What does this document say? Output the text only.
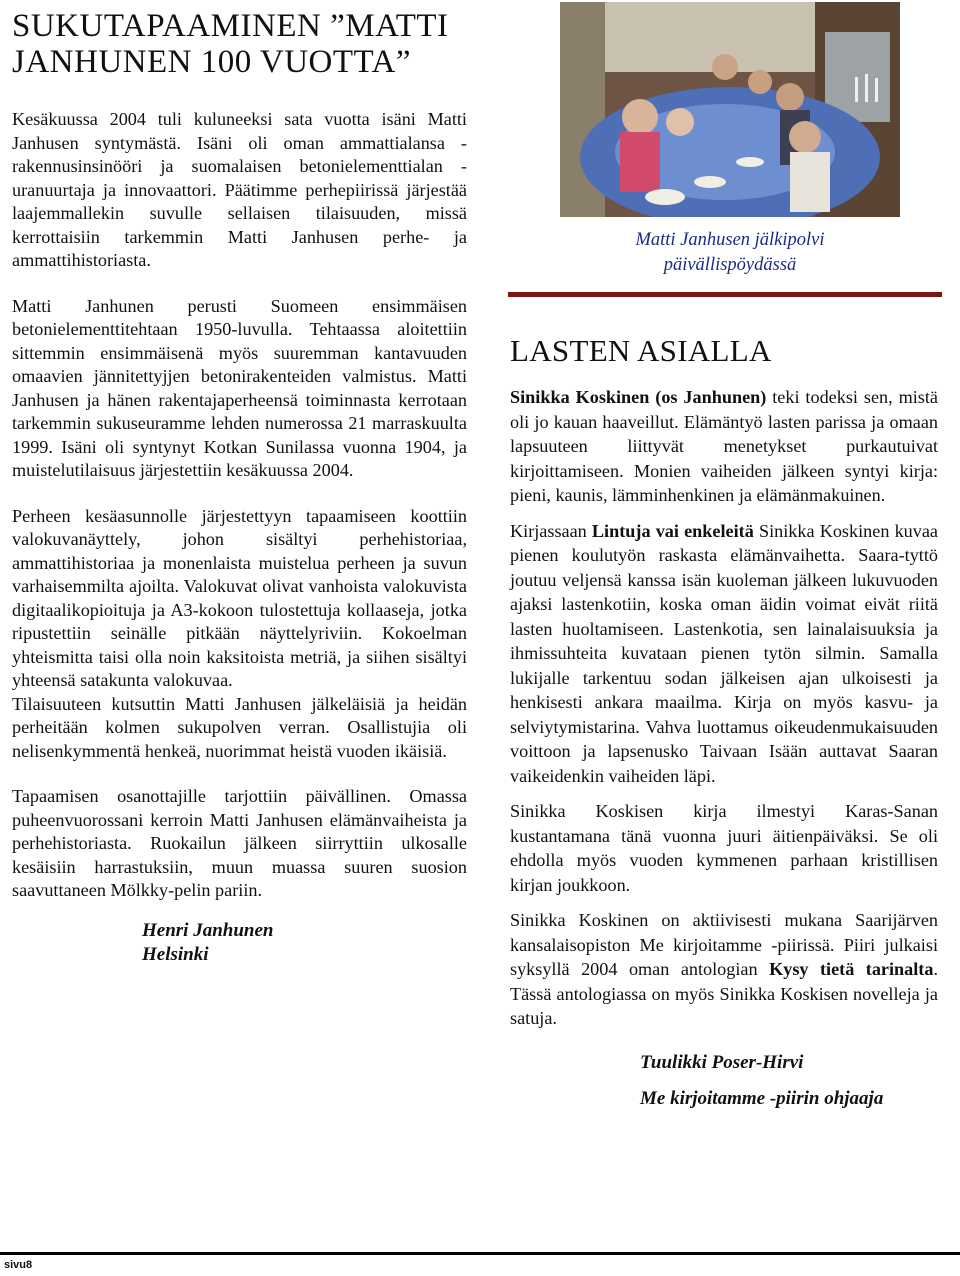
SUKUTAPAAMINEN ”MATTI JANHUNEN 100 VUOTTA”

Kesäkuussa 2004 tuli kuluneeksi sata vuotta isäni Matti Janhusen syntymästä. Isäni oli oman ammattialansa - rakennusinsinööri ja suomalaisen betonielementtialan - uranuurtaja ja innovaattori. Päätimme perhepiirissä järjestää laajemmallekin suvulle sellaisen tilaisuuden, missä kerrottaisiin tarkemmin Matti Janhusen perhe- ja ammattihistoriasta.

Matti Janhunen perusti Suomeen ensimmäisen betonielementtitehtaan 1950-luvulla. Tehtaassa aloitettiin sittemmin ensimmäisenä myös suuremman kantavuuden omaavien jännitettyjjen betonirakenteiden valmistus. Matti Janhusen ja hänen rakentajaperheensä toiminnasta kerrotaan tarkemmin sukuseuramme lehden numerossa 21 marraskuulta 1999. Isäni oli syntynyt Kotkan Sunilassa vuonna 1904, ja muistelutilaisuus järjestettiin kesäkuussa 2004.

Perheen kesäasunnolle järjestettyyn tapaamiseen koottiin valokuvanäyttely, johon sisältyi perhehistoriaa, ammattihistoriaa ja monenlaista muistelua perheen ja suvun varhaisemmilta ajoilta. Valokuvat olivat vanhoista valokuvista digitaalikopioituja ja A3-kokoon tulostettuja kollaaseja, jotka ripustettiin seinälle pitkään näyttelyriviin. Kokoelman yhteismitta taisi olla noin kaksitoista metriä, ja siihen sisältyi yhteensä satakunta valokuvaa.

Tilaisuuteen kutsuttin Matti Janhusen jälkeläisiä ja heidän perheitään kolmen sukupolven verran. Osallistujia oli nelisenkymmentä henkeä, nuorimmat heistä vuoden ikäisiä.

Tapaamisen osanottajille tarjottiin päivällinen. Omassa puheenvuorossani kerroin Matti Janhusen elämänvaiheista ja perhehistoriasta. Ruokailun jälkeen siirryttiin ulkosalle kesäisiin harrastuksiin, muun muassa suuren suosion saavuttaneen Mölkky-pelin pariin.

Henri Janhunen
Helsinki
Matti Janhusen jälkipolvi
päivällispöydässä
LASTEN ASIALLA

Sinikka Koskinen (os Janhunen) teki todeksi sen, mistä oli jo kauan haaveillut. Elämäntyö lasten parissa ja omaan lapsuuteen liittyvät menetykset purkautuivat kirjoittamiseen. Monien vaiheiden jälkeen syntyi kirja: pieni, kaunis, lämminhenkinen ja elämänmakuinen.

Kirjassaan Lintuja vai enkeleitä Sinikka Koskinen kuvaa pienen koulutyön raskasta elämänvaihetta. Saara-tyttö joutuu veljensä kanssa isän kuoleman jälkeen lukuvuoden ajaksi lastenkotiin, koska oman äidin voimat eivät riitä lasten huoltamiseen. Lastenkotia, sen lainalaisuuksia ja ihmissuhteita kuvataan pienen tytön silmin. Samalla lukijalle tarkentuu sodan jälkeisen ajan ulkoisesti ja henkisesti ankara maailma. Kirja on myös kasvu- ja selviytymistarina. Vahva luottamus oikeudenmukaisuuden voittoon ja lapsenusko Taivaan Isään auttavat Saaran vaikeidenkin vaiheiden läpi.

Sinikka Koskisen kirja ilmestyi Karas-Sanan kustantamana tänä vuonna juuri äitienpäiväksi. Se oli ehdolla myös vuoden kymmenen parhaan kristillisen kirjan joukkoon.

Sinikka Koskinen on aktiivisesti mukana Saarijärven kansalaisopiston Me kirjoitamme -piirissä. Piiri julkaisi syksyllä 2004 oman antologian Kysy tietä tarinalta. Tässä antologiassa on myös Sinikka Koskisen novelleja ja satuja.

Tuulikki Poser-Hirvi
Me kirjoitamme -piirin ohjaaja
sivu8
